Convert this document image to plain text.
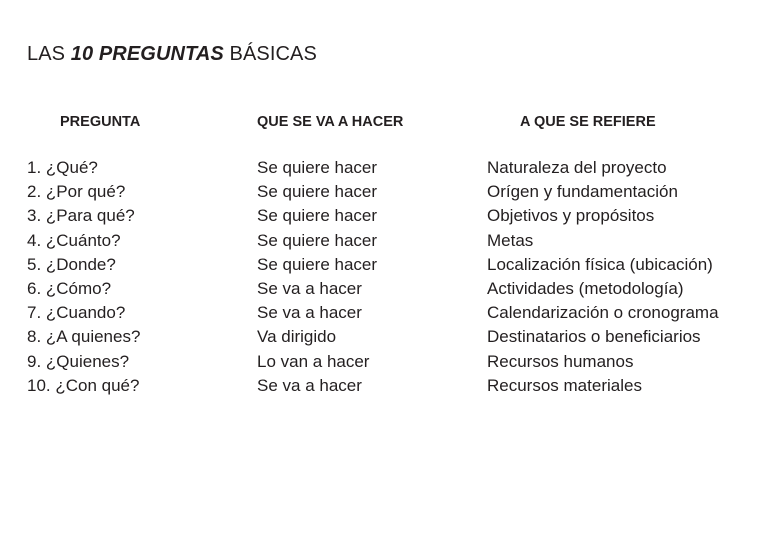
LAS 10 PREGUNTAS BÁSICAS
PREGUNTA	QUE SE VA A HACER	A QUE SE REFIERE
1. ¿Qué?
2. ¿Por qué?
3. ¿Para qué?
4. ¿Cuánto?
5. ¿Donde?
6. ¿Cómo?
7. ¿Cuando?
8. ¿A quienes?
9. ¿Quienes?
10. ¿Con qué?
Se quiere hacer
Se quiere hacer
Se quiere hacer
Se quiere hacer
Se quiere hacer
Se va a hacer
Se va a hacer
Va dirigido
Lo van a hacer
Se va a hacer
Naturaleza del proyecto
Orígen y fundamentación
Objetivos y propósitos
Metas
Localización física (ubicación)
Actividades (metodología)
Calendarización o cronograma
Destinatarios o beneficiarios
Recursos humanos
Recursos materiales
